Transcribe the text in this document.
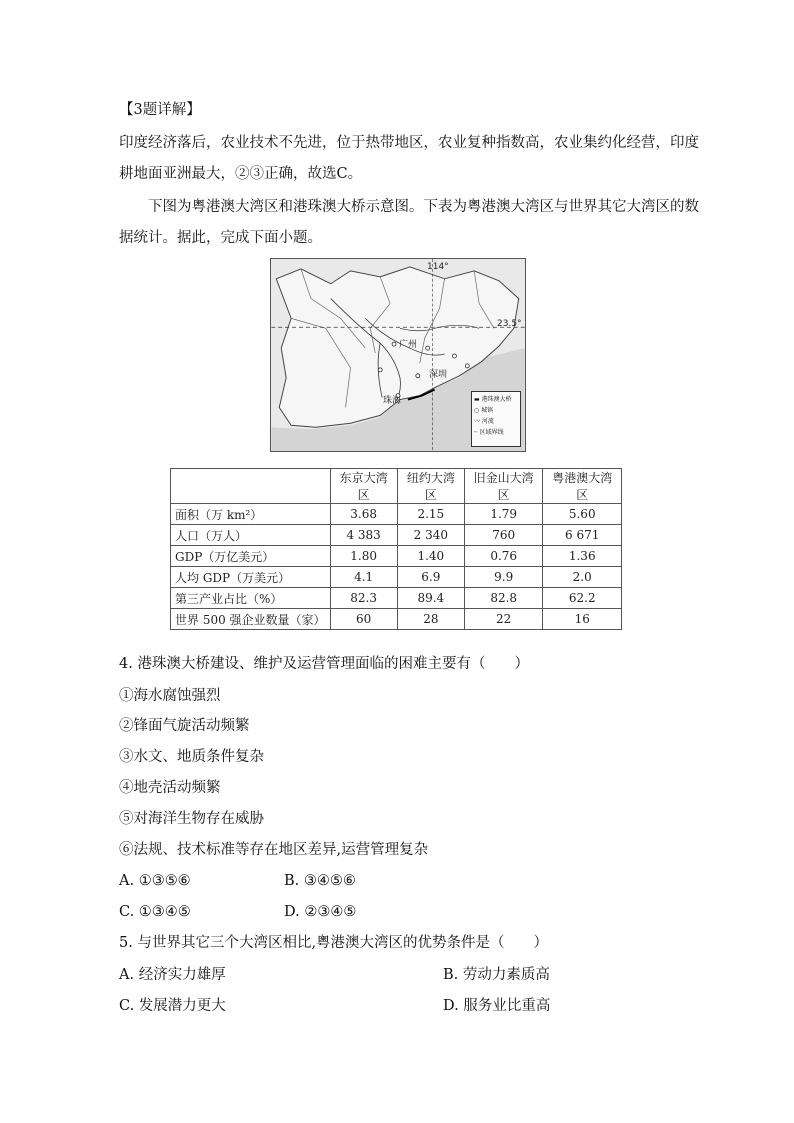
【3题详解】
印度经济落后，农业技术不先进，位于热带地区，农业复种指数高，农业集约化经营，印度
耕地面亚洲最大，②③正确，故选C。
下图为粤港澳大湾区和港珠澳大桥示意图。下表为粤港澳大湾区与世界其它大湾区的数
据统计。据此，完成下面小题。
114°
23.5°
广州
深圳
珠海	▬ 港珠澳大桥
○ 城镇
〰 河流
┄ 区域界线
	东京大湾区	纽约大湾区	旧金山大湾区	粤港澳大湾区
面积（万 km²）	3.68	2.15	1.79	5.60
人口（万人）	4 383	2 340	760	6 671
GDP（万亿美元）	1.80	1.40	0.76	1.36
人均 GDP（万美元）	4.1	6.9	9.9	2.0
第三产业占比（%）	82.3	89.4	82.8	62.2
世界 500 强企业数量（家）	60	28	22	16
4. 港珠澳大桥建设、维护及运营管理面临的困难主要有（　　）
①海水腐蚀强烈
②锋面气旋活动频繁
③水文、地质条件复杂
④地壳活动频繁
⑤对海洋生物存在威胁
⑥法规、技术标准等存在地区差异,运营管理复杂
A. ①③⑤⑥	B. ③④⑤⑥
C. ①③④⑤	D. ②③④⑤
5. 与世界其它三个大湾区相比,粤港澳大湾区的优势条件是（　　）
A. 经济实力雄厚	B. 劳动力素质高
C. 发展潜力更大	D. 服务业比重高
